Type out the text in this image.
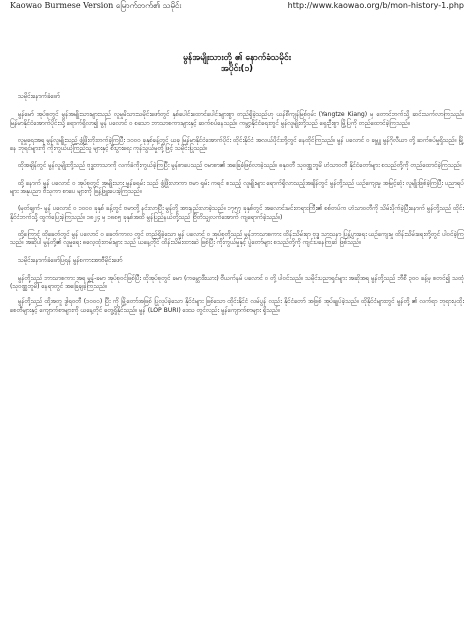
Kaowao Burmese Version မြောက်ဘက်၏ သမိုင်း	http://www.kaowao.org/b/mon-history-1.php
မွန်အမျိုးသားတို့ ၏ နောက်ခံသမိုင်း
အပိုင်း(၁)
သမိုင်းနောက်ခံဖော်

မွန်မော် အုပ်စုတွင် မွန်အမျိုးသားများသည် လူမှုမိသားသမိုင်းဖော်တွင် နှစ်ပေါင်းထောင်ပေါင်းများစွာ တည်ရှိခဲ့သည်ဟု ယန်စီကျန်မြစ်ဝှမ်း (Yangtze Kiang) မှ တောင်ဘက်သို့ ဆင်းသက်လာကြသည်။ မြန်မာနိုင်ငံအောက်ပိုင်းသို့ ရောက်ရှိလာ၍ မွန် ပလောင် ဝ စသော ဘာသာစကားများနှင့် ဆက်စပ်နေသည်။ ကမ္ဘာ့နိုင်ငံရေးတွင် မွန်လူမျိုးတို့သည် ရှေးဦးစွာ မြို့ပြကို တည်ထောင်ခဲ့ကြသည်။

လူမှုရေးအရ မွန်လူမျိုးသည် ဖွံ့ဖြိုးတိုးတက်ခဲ့ကြပြီး ၁၀၀၀ ခုနှစ်ခန့်တွင် ယခု မြန်မာနိုင်ငံအောက်ပိုင်း ထိုင်းနိုင်ငံ အလယ်ပိုင်းတို့တွင် နေထိုင်ကြသည်။ မွန် ပလောင် ဝ ခမ္ဘူ မွန်ဂိုလီယာ တို့ ဆက်စပ်မှုရှိသည်။ မြို့နေ ဘုရင်များကို ကိုးကွယ်ယုံကြည်သူ များနှင့် စီးပွားရေး ကုန်သွယ်မှုတို့ဖြင့် သမိုင်းပြုသည်။

ထိုအချိန်တွင် မွန်လူမျိုးတို့သည် ဗုဒ္ဓဘာသာကို လက်ခံကိုးကွယ်ခဲ့ကြပြီး မွန်စာပေသည် ဗမာစာ၏ အခြေခံဖြစ်လာခဲ့သည်။ ဓနုဝတီ သုဝဏ္ဏဘူမိ ဟံသာဝတီ နိုင်ငံတော်များ စသည်တို့ကို တည်ထောင်ခဲ့ကြသည်။

ထို့ နောက် မွန် ပလောင် ဝ အုပ်စုတွင် အမျိုးသား မွန်ခရမ်း သည် ဖွံ့ဖြိုးလာကာ ဗမာ ရှမ်း ကရင် စသည့် လူမျိုးများ ရောက်ရှိလာသည့်အချိန်တွင် မွန်တို့သည် ယဉ်ကျေးမှု အမြင့်ဆုံး လူမျိုးဖြစ်ခဲ့ကြပြီး ပညာရပ်များ အနုပညာ ဗိသုကာ စာပေ များကို ဖြန့်ဖြူးပေးခဲ့ကြသည်။

(မှတ်ချက်- မွန် ပလောင် ဝ ၁၀၀၀ ခုနှစ် ခန့်တွင် ဗမာတို့ နင်းလာပြီး မွန်တို့ အားနည်းလာခဲ့သည်။ ၁၇၅၇ ခုနှစ်တွင် အလောင်းမင်းတရားကြီး၏ စစ်တပ်က ဟံသာဝတီကို သိမ်းပိုက်ခဲ့ပြီးနောက် မွန်တို့သည် ထိုင်းနိုင်ငံဘက်သို့ ထွက်ပြေးခဲ့ကြသည်။ ၁၈၂၄ မှ ၁၈၈၅ ခုနှစ်အထိ မွန်ပြည်နယ်တို့သည် ဗြိတိသျှလက်အောက် ကျရောက်ခဲ့သည်။)

ထို့ကြောင့် ထိုခေတ်တွင် မွန် ပလောင် ဝ ခေတ်ကာလ တွင် တည်ရှိခဲ့သော မွန် ပလောင် ဝ အုပ်စုတို့သည် မွန်ဘာသာစကား ထိန်းသိမ်းရာ ဗုဒ္ဓ သာသနာ ပြန့်ပွားရေး ယဉ်ကျေးမှု ထိန်းသိမ်းရေးတို့တွင် ပါဝင်ခဲ့ကြသည်။ အဆိုပါ မွန်တို့၏ လူမှုရေး ဓလေ့ထုံးတမ်းများ သည် ယနေ့တိုင် ထိန်းသိမ်းထားဆဲ ဖြစ်ပြီး ကိုးကွယ်မှုနှင့် ပွဲတော်များ စသည်တို့ကို ကျင်းပနေကြဆဲ ဖြစ်သည်။

သမိုင်းနောက်ခံဖော်ပြရန် မွန်စကားအာဗီမိုင်းဖော်

မွန်တို့သည် ဘာသာစကား အရ မွန်-ခမာ အုပ်စုဝင်ဖြစ်ပြီး ထိုအုပ်စုတွင် ခမာ (ကမ္ဘောဒီးယား) ဗီယက်နမ် ပလောင် ဝ တို့ ပါဝင်သည်။ သမိုင်းပညာရှင်များ အဆိုအရ မွန်တို့သည် ဘီစီ ၃၀၀ ခန့်မှ စတင်၍ သထုံ (သုဝဏ္ဏဘူမိ) နေရာတွင် အခြေချခဲ့ကြသည်။

မွန်တို့သည် ထို့အတူ ဒွါရဝတီ (၁၀၀၀) ပြီး ကို မြို့တော်အဖြစ် ပြုလုပ်ခဲ့သော နိုင်ငံများ ဖြစ်သော ထိုင်းနိုင်ငံ လမ်ပွန် လည်း နိုင်ငံတော် အဖြစ် အုပ်ချုပ်ခဲ့သည်။ ထိုနိုင်ငံများတွင် မွန်တို့ ၏ လက်ရာ ဘုရားပုထိုး စေတီများနှင့် ကျောက်စာများကို ယနေ့တိုင် တွေ့ရှိနိုင်သည်။ မွန် (LOP BURI) ဒေသ တွင်လည်း မွန်ကျောက်စာများ ရှိသည်။
